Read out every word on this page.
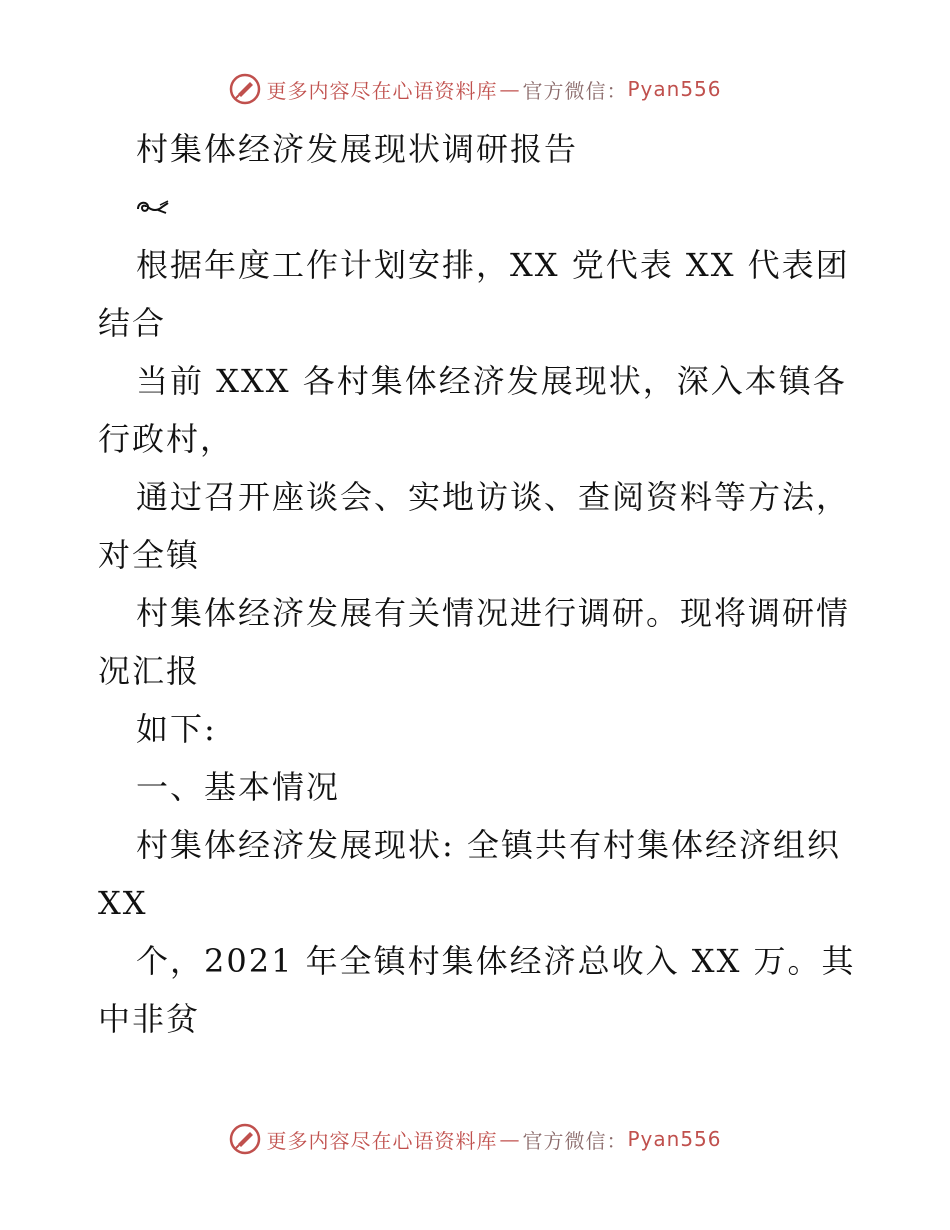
更多内容尽在心语资料库 — 官方微信： Pyan556
村集体经济发展现状调研报告
根据年度工作计划安排，XX 党代表 XX 代表团
结合
当前 XXX 各村集体经济发展现状，深入本镇各
行政村，
通过召开座谈会、实地访谈、查阅资料等方法，
对全镇
村集体经济发展有关情况进行调研。现将调研情
况汇报
如下:
一、基本情况
村集体经济发展现状: 全镇共有村集体经济组织
XX
个，2021 年全镇村集体经济总收入 XX 万。其
中非贫
更多内容尽在心语资料库 — 官方微信： Pyan556
